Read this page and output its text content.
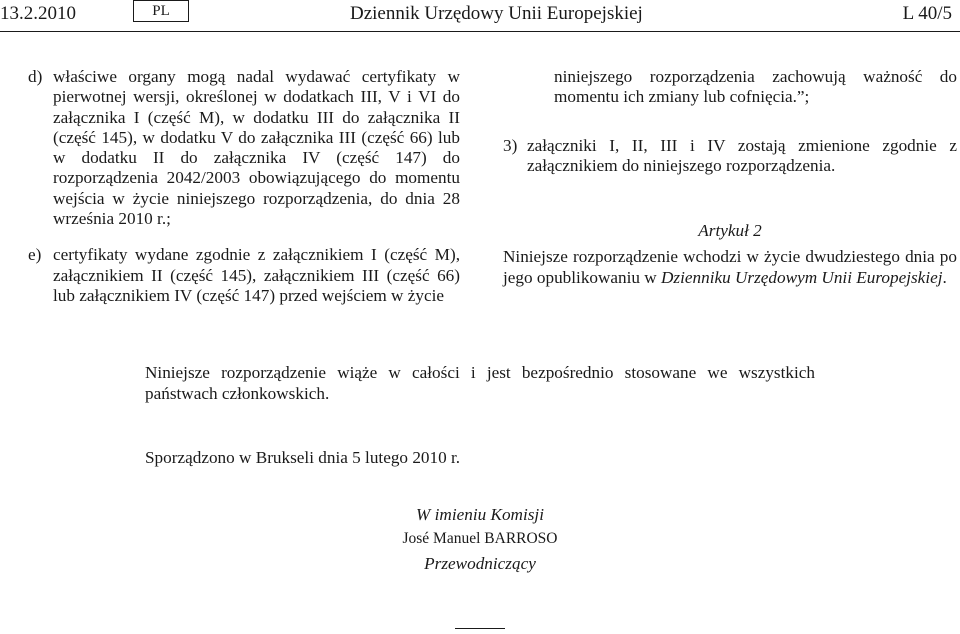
13.2.2010	PL	Dziennik Urzędowy Unii Europejskiej	L 40/5
d) właściwe organy mogą nadal wydawać certyfikaty w pierwotnej wersji, określonej w dodatkach III, V i VI do załącznika I (część M), w dodatku III do załącznika II (część 145), w dodatku V do załącznika III (część 66) lub w dodatku II do załącznika IV (część 147) do rozporządzenia 2042/2003 obowiązującego do momentu wejścia w życie niniejszego rozporządzenia, do dnia 28 września 2010 r.;
e) certyfikaty wydane zgodnie z załącznikiem I (część M), załącznikiem II (część 145), załącznikiem III (część 66) lub załącznikiem IV (część 147) przed wejściem w życie
niniejszego rozporządzenia zachowują ważność do momentu ich zmiany lub cofnięcia.”;
3) załączniki I, II, III i IV zostają zmienione zgodnie z załącznikiem do niniejszego rozporządzenia.
Artykuł 2

Niniejsze rozporządzenie wchodzi w życie dwudziestego dnia po jego opublikowaniu w Dzienniku Urzędowym Unii Europejskiej.

Niniejsze rozporządzenie wiąże w całości i jest bezpośrednio stosowane we wszystkich państwach członkowskich.
Sporządzono w Brukseli dnia 5 lutego 2010 r.
W imieniu Komisji
José Manuel BARROSO
Przewodniczący
